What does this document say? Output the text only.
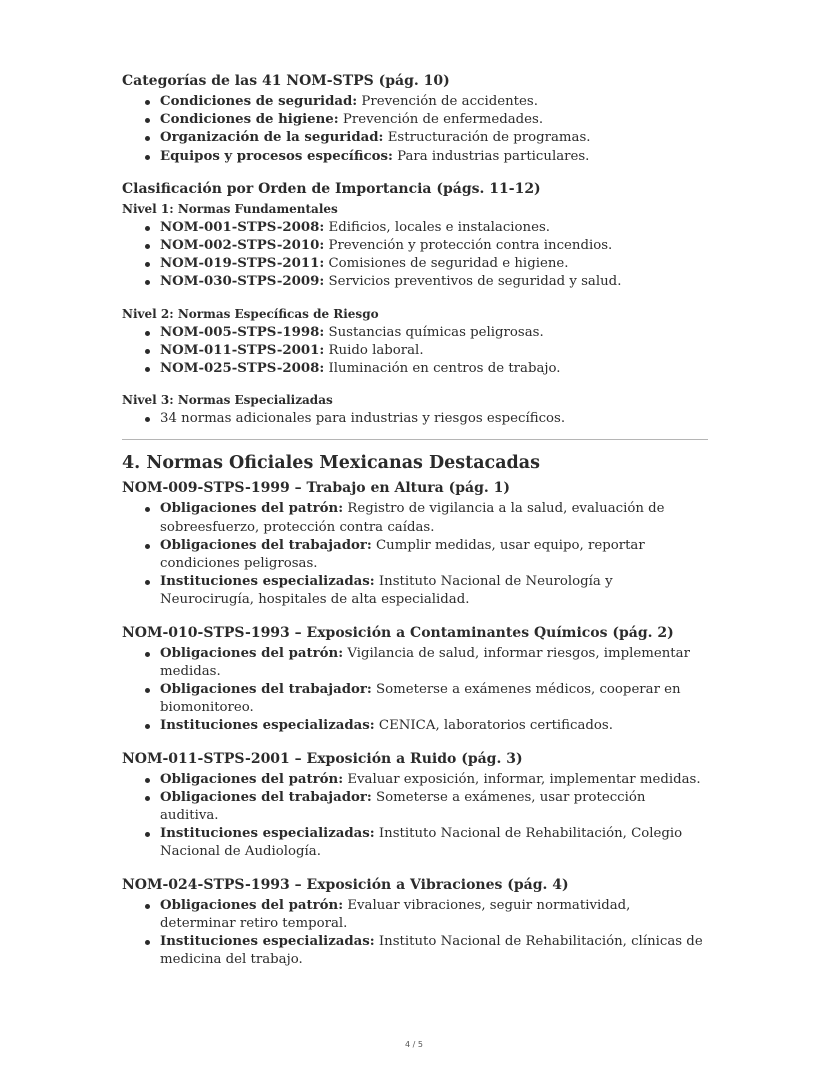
Categorías de las 41 NOM-STPS (pág. 10)
Condiciones de seguridad: Prevención de accidentes.
Condiciones de higiene: Prevención de enfermedades.
Organización de la seguridad: Estructuración de programas.
Equipos y procesos específicos: Para industrias particulares.
Clasificación por Orden de Importancia (págs. 11-12)
Nivel 1: Normas Fundamentales
NOM-001-STPS-2008: Edificios, locales e instalaciones.
NOM-002-STPS-2010: Prevención y protección contra incendios.
NOM-019-STPS-2011: Comisiones de seguridad e higiene.
NOM-030-STPS-2009: Servicios preventivos de seguridad y salud.
Nivel 2: Normas Específicas de Riesgo
NOM-005-STPS-1998: Sustancias químicas peligrosas.
NOM-011-STPS-2001: Ruido laboral.
NOM-025-STPS-2008: Iluminación en centros de trabajo.
Nivel 3: Normas Especializadas
34 normas adicionales para industrias y riesgos específicos.
4. Normas Oficiales Mexicanas Destacadas
NOM-009-STPS-1999 – Trabajo en Altura (pág. 1)
Obligaciones del patrón: Registro de vigilancia a la salud, evaluación de sobreesfuerzo, protección contra caídas.
Obligaciones del trabajador: Cumplir medidas, usar equipo, reportar condiciones peligrosas.
Instituciones especializadas: Instituto Nacional de Neurología y Neurocirugía, hospitales de alta especialidad.
NOM-010-STPS-1993 – Exposición a Contaminantes Químicos (pág. 2)
Obligaciones del patrón: Vigilancia de salud, informar riesgos, implementar medidas.
Obligaciones del trabajador: Someterse a exámenes médicos, cooperar en biomonitoreo.
Instituciones especializadas: CENICA, laboratorios certificados.
NOM-011-STPS-2001 – Exposición a Ruido (pág. 3)
Obligaciones del patrón: Evaluar exposición, informar, implementar medidas.
Obligaciones del trabajador: Someterse a exámenes, usar protección auditiva.
Instituciones especializadas: Instituto Nacional de Rehabilitación, Colegio Nacional de Audiología.
NOM-024-STPS-1993 – Exposición a Vibraciones (pág. 4)
Obligaciones del patrón: Evaluar vibraciones, seguir normatividad, determinar retiro temporal.
Instituciones especializadas: Instituto Nacional de Rehabilitación, clínicas de medicina del trabajo.
4 / 5
